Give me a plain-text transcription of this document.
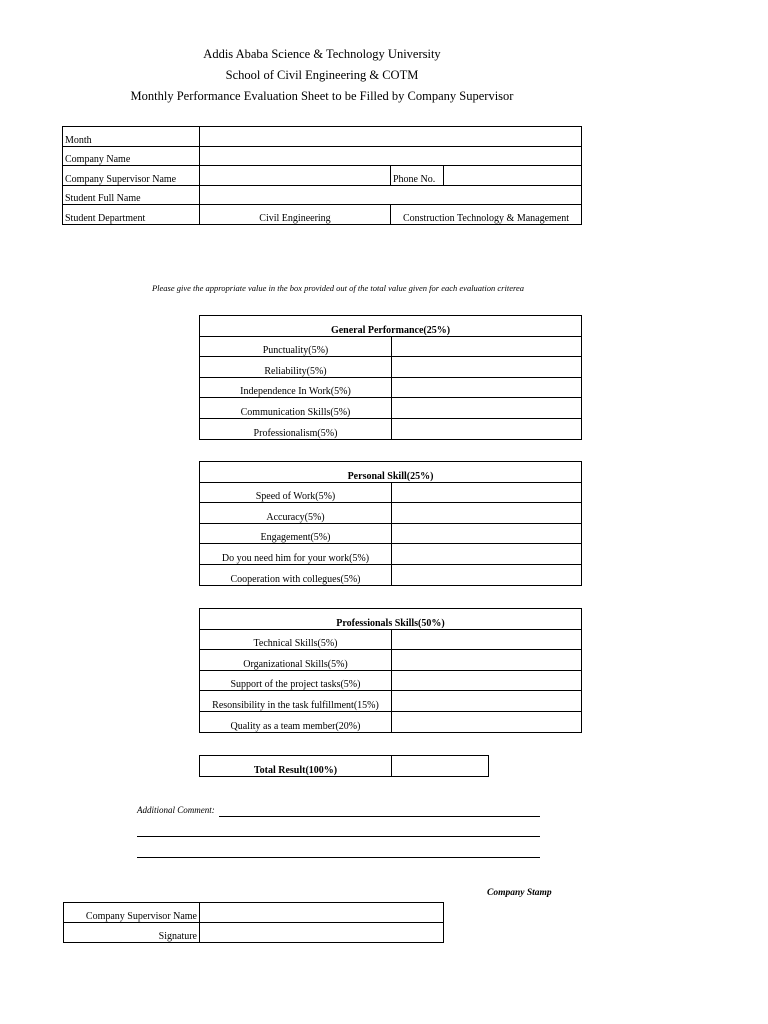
Addis Ababa Science & Technology University
School of Civil Engineering & COTM
Monthly Performance Evaluation Sheet to be Filled by Company Supervisor
Month			
Company Name			
Company Supervisor Name		Phone No.	
Student Full Name			
Student Department	Civil Engineering	Construction Technology & Management	
Please give the appropriate value in the box provided out of the total value given for each evaluation criterea
General Performance(25%)	
Punctuality(5%)	
Reliability(5%)	
Independence In Work(5%)	
Communication Skills(5%)	
Professionalism(5%)	
Personal Skill(25%)	
Speed of Work(5%)	
Accuracy(5%)	
Engagement(5%)	
Do you need him for your work(5%)	
Cooperation with collegues(5%)	
Professionals Skills(50%)	
Technical Skills(5%)	
Organizational Skills(5%)	
Support of the project tasks(5%)	
Resonsibility in the task fulfillment(15%)	
Quality as a team member(20%)	
Total Result(100%)	
Additional Comment:
Company Stamp
Company Supervisor Name	
Signature	
